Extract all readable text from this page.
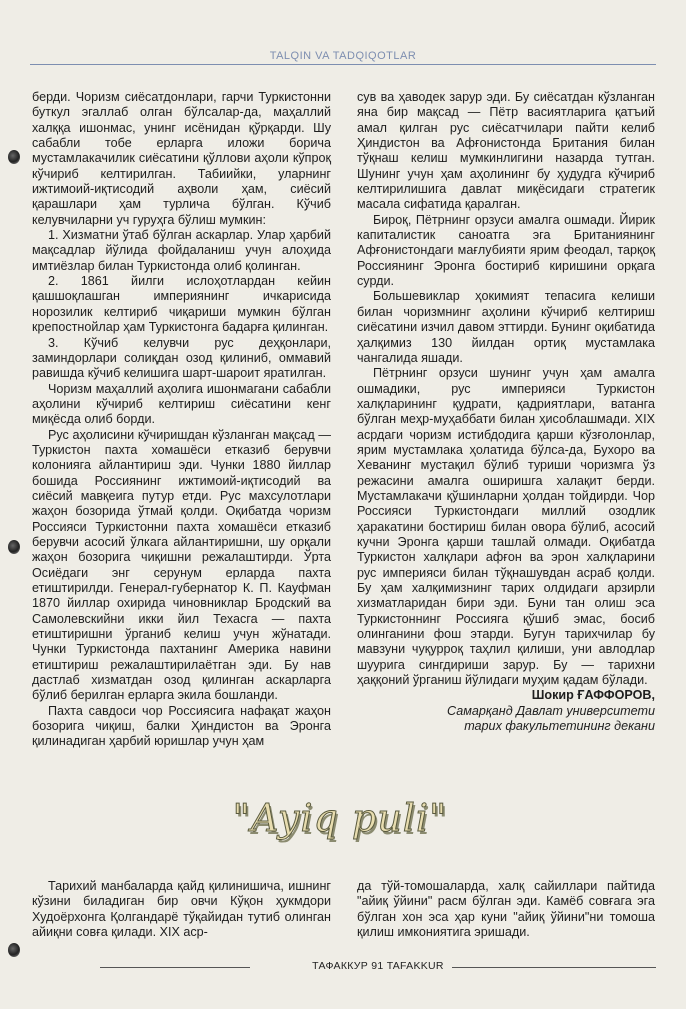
TALQIN VA TADQIQOTLAR

берди. Чоризм сиёсатдонлари, гарчи Туркистонни буткул эгаллаб олган бўлсалар-да, маҳаллий халққа ишонмас, унинг исёнидан қўрқарди. Шу сабабли тобе ерларга иложи борича мустамлакачилик сиёсатини қўллови аҳоли кўпроқ кўчириб келтирилган. Табиийки, уларнинг ижтимоий-иқтисодий аҳволи ҳам, сиёсий қарашлари ҳам турлича бўлган. Кўчиб келувчиларни уч гуруҳга бўлиш мумкин:

1. Хизматни ўтаб бўлган аскарлар. Улар ҳарбий мақсадлар йўлида фойдаланиш учун алоҳида имтиёзлар билан Туркистонда олиб қолинган.

2. 1861 йилги ислоҳотлардан кейин қашшоқлашган империянинг ичкарисида норозилик келтириб чиқариши мумкин бўлган крепостнойлар ҳам Туркистонга бадарға қилинган.

3. Кўчиб келувчи рус деҳқонлари, заминдорлари солиқдан озод қилиниб, оммавий равишда кўчиб келишига шарт-шароит яратилган.

Чоризм маҳаллий аҳолига ишонмагани сабабли аҳолини кўчириб келтириш сиёсатини кенг миқёсда олиб борди.

Рус аҳолисини кўчиришдан кўзланган мақсад — Туркистон пахта хомашёси етказиб берувчи колонияга айлантириш эди. Чунки 1880 йиллар бошида Россиянинг ижтимоий-иқтисодий ва сиёсий мавқеига путур етди. Рус махсулотлари жаҳон бозорида ўтмай қолди. Оқибатда чоризм Россияси Туркистонни пахта хомашёси етказиб берувчи асосий ўлкага айлантиришни, шу орқали жаҳон бозорига чиқишни режалаштирди. Ўрта Осиёдаги энг серунум ерларда пахта етиштирилди. Генерал-губернатор К. П. Кауфман 1870 йиллар охирида чиновниклар Бродский ва Самолевскийни икки йил Техасга — пахта етиштиришни ўрганиб келиш учун жўнатади. Чунки Туркистонда пахтанинг Америка навини етиштириш режалаштирилаётган эди. Бу нав дастлаб хизматдан озод қилинган аскарларга бўлиб берилган ерларга экила бошланди.

Пахта савдоси чор Россиясига нафақат жаҳон бозорига чиқиш, балки Ҳиндистон ва Эронга қилинадиган ҳарбий юришлар учун ҳам

сув ва ҳаводек зарур эди. Бу сиёсатдан кўзланган яна бир мақсад — Пётр васиятларига қатъий амал қилган рус сиёсатчилари пайти келиб Ҳиндистон ва Афғонистонда Британия билан тўқнаш келиш мумкинлигини назарда тутган. Шунинг учун ҳам аҳолининг бу ҳудудга кўчириб келтирилишига давлат миқёсидаги стратегик масала сифатида қаралган.

Бироқ, Пётрнинг орзуси амалга ошмади. Йирик капиталистик саноатга эга Британиянинг Афғонистондаги мағлубияти ярим феодал, тарқоқ Россиянинг Эронга бостириб киришини орқага сурди.

Большевиклар ҳокимият тепасига келиши билан чоризмнинг аҳолини кўчириб келтириш сиёсатини изчил давом эттирди. Бунинг оқибатида ҳалқимиз 130 йилдан ортиқ мустамлака чангалида яшади.

Пётрнинг орзуси шунинг учун ҳам амалга ошмадики, рус империяси Туркистон халқларининг қудрати, қадриятлари, ватанга бўлган меҳр-муҳаббати билан ҳисоблашмади. XIX асрдаги чоризм истибдодига қарши кўзғолонлар, ярим мустамлака ҳолатида бўлса-да, Бухоро ва Хеванинг мустақил бўлиб туриши чоризмга ўз режасини амалга оширишга халақит берди. Мустамлакачи қўшинларни ҳолдан тойдирди. Чор Россияси Туркистондаги миллий озодлик ҳаракатини бостириш билан овора бўлиб, асосий кучни Эронга қарши ташлай олмади. Оқибатда Туркистон халқлари афғон ва эрон халқларини рус империяси билан тўқнашувдан асраб қолди. Бу ҳам халқимизнинг тарих олдидаги арзирли хизматларидан бири эди. Буни тан олиш эса Туркистоннинг Россияга қўшиб эмас, босиб олинганини фош этарди. Бугун тарихчилар бу мавзуни чуқурроқ таҳлил қилиши, уни авлодлар шуурига сингдириши зарур. Бу — тарихни ҳаққоний ўрганиш йўлидаги муҳим қадам бўлади.

Шокир ҒАФФОРОВ,

Самарқанд Давлат университети
тарих факультетининг декани

"Ayiq puli"

Тарихий манбаларда қайд қилинишича, ишнинг кўзини биладиган бир овчи Кўқон ҳукмдори Худоёрхонга Қолгандарё тўқайидан тутиб олинган айиқни совға қилади. XIX аср-

да тўй-томошаларда, халқ сайиллари пайтида "айиқ ўйини" расм бўлган эди. Камёб совғага эга бўлган хон эса ҳар куни "айиқ ўйини"ни томоша қилиш имкониятига эришади.

ТАФАККУР 91 TAFAKKUR
